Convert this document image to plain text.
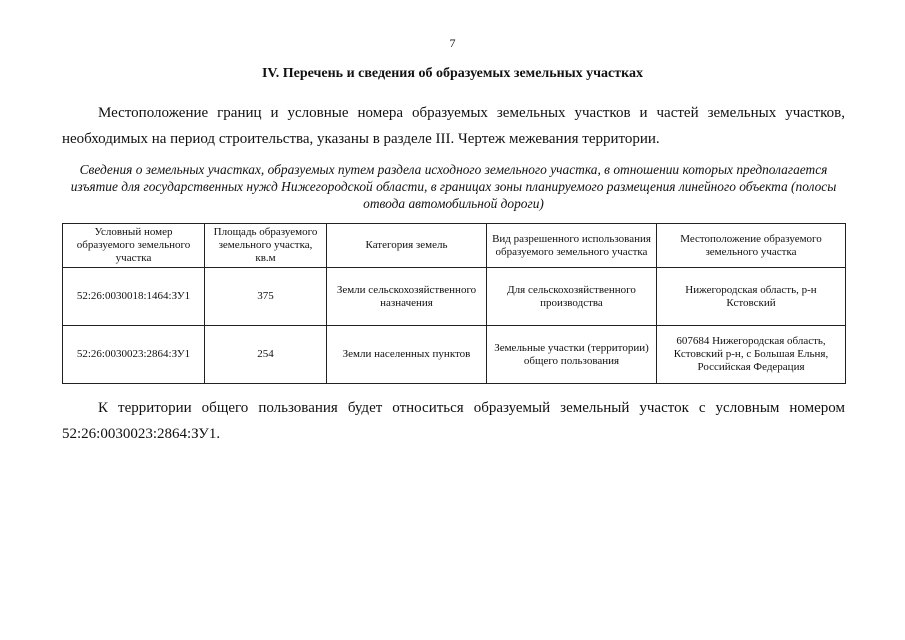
7
IV. Перечень и сведения об образуемых земельных участках
Местоположение границ и условные номера образуемых земельных участков и частей земельных участков, необходимых на период строительства, указаны в разделе III. Чертеж межевания территории.
Сведения о земельных участках, образуемых путем раздела исходного земельного участка, в отношении которых предполагается изъятие для государственных нужд Нижегородской области, в границах зоны планируемого размещения линейного объекта (полосы отвода автомобильной дороги)
Условный номер образуемого земельного участка	Площадь образуемого земельного участка, кв.м	Категория земель	Вид разрешенного использования образуемого земельного участка	Местоположение образуемого земельного участка
52:26:0030018:1464:ЗУ1	375	Земли сельскохозяйственного назначения	Для сельскохозяйственного производства	Нижегородская область, р-н Кстовский
52:26:0030023:2864:ЗУ1	254	Земли населенных пунктов	Земельные участки (территории) общего пользования	607684 Нижегородская область, Кстовский р-н, с Большая Ельня, Российская Федерация
К территории общего пользования будет относиться образуемый земельный участок с условным номером 52:26:0030023:2864:ЗУ1.
